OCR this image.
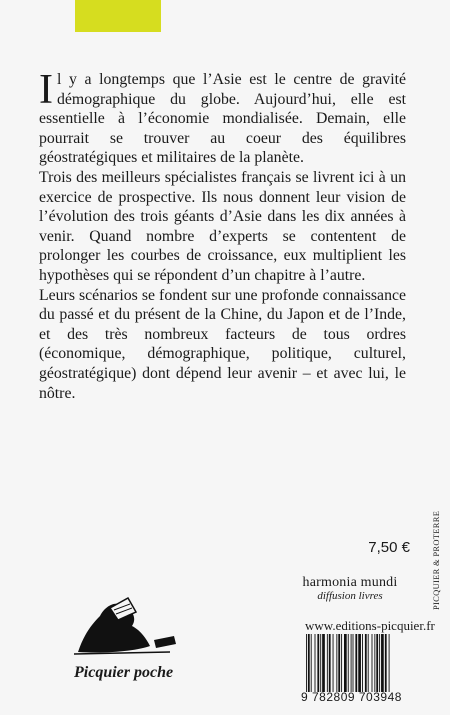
Il y a longtemps que l’Asie est le centre de gravité démographique du globe. Aujourd’hui, elle est essentielle à l’économie mondialisée. Demain, elle pourrait se trouver au coeur des équilibres géostratégiques et militaires de la planète.

Trois des meilleurs spécialistes français se livrent ici à un exercice de prospective. Ils nous donnent leur vision de l’évolution des trois géants d’Asie dans les dix années à venir. Quand nombre d’experts se contentent de prolonger les courbes de croissance, eux multiplient les hypothèses qui se répondent d’un chapitre à l’autre.

Leurs scénarios se fondent sur une profonde connaissance du passé et du présent de la Chine, du Japon et de l’Inde, et des très nombreux facteurs de tous ordres (économique, démographique, politique, culturel, géostratégique) dont dépend leur avenir – et avec lui, le nôtre.

7,50 €
harmonia mundi
diffusion livres	PICQUIER & PROTERRE
www.editions-picquier.fr
9 782809 703948
Picquier poche
